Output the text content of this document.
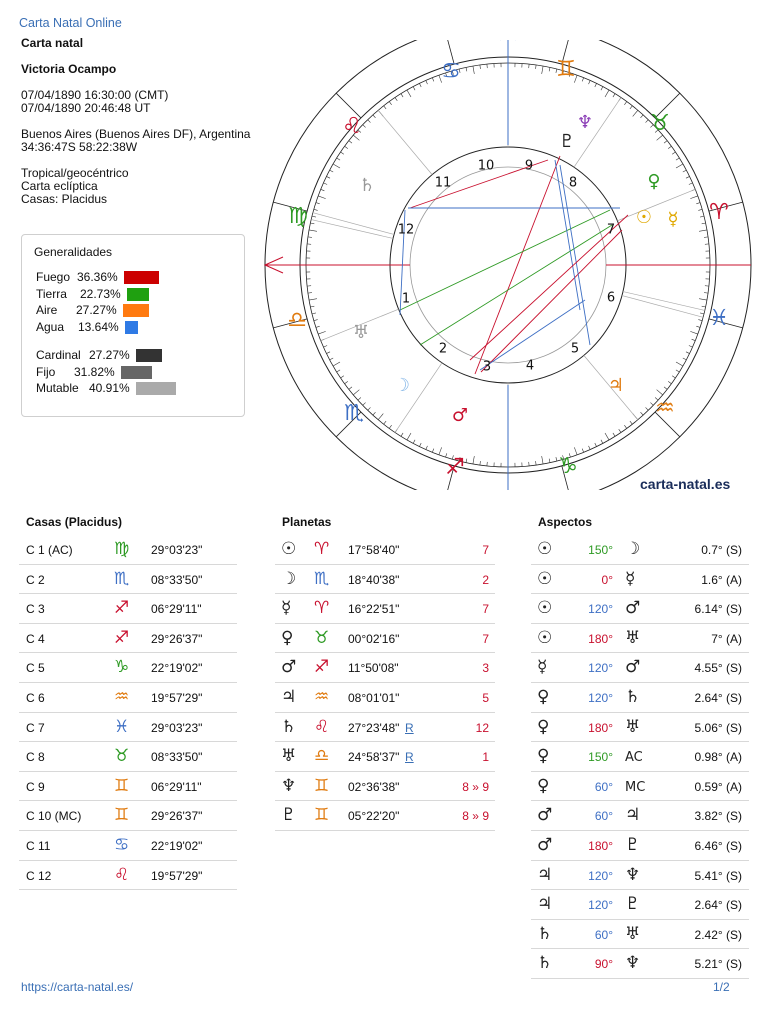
Carta Natal Online
Carta natal
Victoria Ocampo
07/04/1890 16:30:00 (CMT)
07/04/1890 20:46:48 UT
Buenos Aires (Buenos Aires DF), Argentina
34:36:47S 58:22:38W
Tropical/geocéntrico
Carta eclíptica
Casas: Placidus
Generalidades
Fuego 36.36%
Tierra 22.73%
Aire 27.27%
Agua 13.64%
Cardinal 27.27%
Fijo 31.82%
Mutable 40.91%
♋	♊
♌	♉
♍	♈
♎	♓
♏	♒
♐	♑
♇
♆
♄	♀
☉ ☿
♅
☽	♃
♂
1
2
3	4
5
6
7
8
9
10
11
12
carta-natal.es
Casas (Placidus)	Planetas	Aspectos
C 1 (AC) ♍ 29°03'23"
C 2	♏ 08°33'50"
C 3	♐ 06°29'11"
C 4	♐ 29°26'37"
C 5	♑ 22°19'02"
C 6	♒ 19°57'29"
C 7	♓ 29°03'23"
C 8	♉ 08°33'50"
C 9	♊ 06°29'11"
C 10 (MC) ♊ 29°26'37"
C 11	♋ 22°19'02"
C 12	♌ 19°57'29"
☉ ♈ 17°58'40"	7
☽ ♏ 18°40'38"	2
☿ ♈ 16°22'51"	7
♀ ♉ 00°02'16"	7
♂ ♐ 11°50'08"	3
♃ ♒ 08°01'01"	5
♄ ♌ 27°23'48" R	12
♅ ♎ 24°58'37" R	1
♆ ♊ 02°36'38"	8 » 9
♇ ♊ 05°22'20"	8 » 9
☉	150° ☽	0.7° (S)
☉	0° ☿	1.6° (A)
☉	120° ♂	6.14° (S)
☉	180° ♅	7° (A)
☿	120° ♂	4.55° (S)
♀	120° ♄	2.64° (S)
♀	180° ♅	5.06° (S)
♀	150° AC	0.98° (A)
♀	60° MC	0.59° (A)
♂	60° ♃	3.82° (S)
♂	180° ♇	6.46° (S)
♃	120° ♆	5.41° (S)
♃	120° ♇	2.64° (S)
♄	60° ♅	2.42° (S)
♄	90° ♆	5.21° (S)
https://carta-natal.es/	1/2
